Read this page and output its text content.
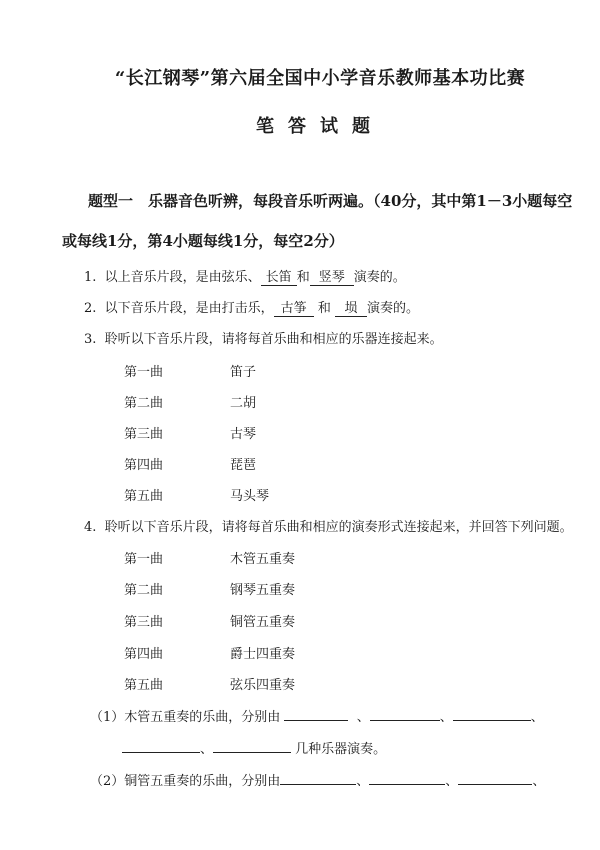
“长江钢琴”第六届全国中小学音乐教师基本功比赛
笔答试题
题型一　乐器音色听辨，每段音乐听两遍。（40分，其中第1－3小题每空
或每线1分，第4小题每线1分，每空2分）
1. 以上音乐片段，是由弦乐、 长笛 和 竖琴 演奏的。
2. 以下音乐片段，是由打击乐， 古筝 和 埙 演奏的。
3. 聆听以下音乐片段，请将每首乐曲和相应的乐器连接起来。
第一曲	笛子
第二曲	二胡
第三曲	古琴
第四曲	琵琶
第五曲	马头琴
4. 聆听以下音乐片段，请将每首乐曲和相应的演奏形式连接起来，并回答下列问题。
第一曲	木管五重奏
第二曲	钢琴五重奏
第三曲	铜管五重奏
第四曲	爵士四重奏
第五曲	弦乐四重奏
（1）木管五重奏的乐曲，分别由	、	、	、
、	几种乐器演奏。
（2）铜管五重奏的乐曲，分别由	、	、	、
